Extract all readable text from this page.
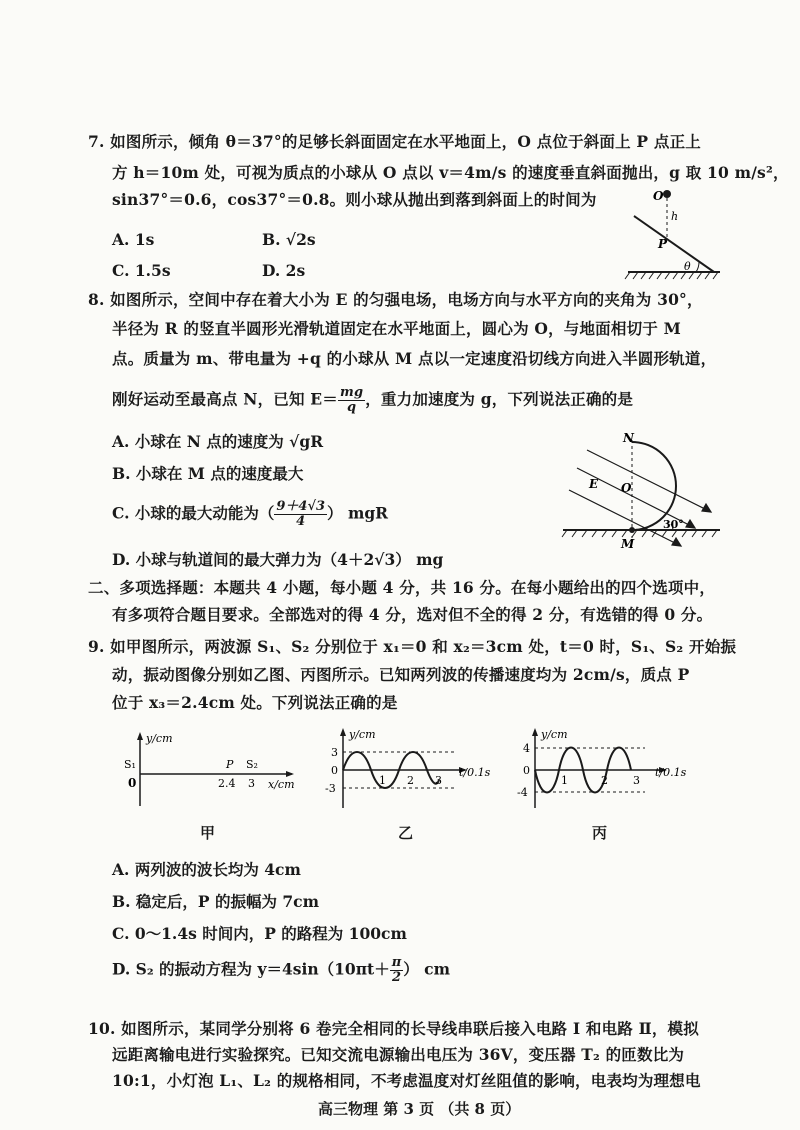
7. 如图所示，倾角 θ＝37°的足够长斜面固定在水平地面上，O 点位于斜面上 P 点正上
方 h＝10m 处，可视为质点的小球从 O 点以 v＝4m/s 的速度垂直斜面抛出，g 取 10 m/s²，
sin37°＝0.6，cos37°＝0.8。则小球从抛出到落到斜面上的时间为
A. 1s	B. √2s
C. 1.5s	D. 2s
O
h
P
θ
8. 如图所示，空间中存在着大小为 E 的匀强电场，电场方向与水平方向的夹角为 30°，
半径为 R 的竖直半圆形光滑轨道固定在水平地面上，圆心为 O，与地面相切于 M
点。质量为 m、带电量为 +q 的小球从 M 点以一定速度沿切线方向进入半圆形轨道，
刚好运动至最高点 N，已知 $E= \frac{mg}{q}$ ，重力加速度为 g，下列说法正确的是
A. 小球在 N 点的速度为 √gR
B. 小球在 M 点的速度最大
C. 小球的最大动能为（ $\frac{9+4√3}{4}$ ） mgR
D. 小球与轨道间的最大弹力为（4＋2√3） mg
N
E O
M
30°
二、多项选择题：本题共 4 小题，每小题 4 分，共 16 分。在每小题给出的四个选项中，
有多项符合题目要求。全部选对的得 4 分，选对但不全的得 2 分，有选错的得 0 分。
9. 如甲图所示，两波源 S₁、S₂ 分别位于 x₁＝0 和 x₂＝3cm 处，t＝0 时，S₁、S₂ 开始振
动，振动图像分别如乙图、丙图所示。已知两列波的传播速度均为 2cm/s，质点 P
位于 x₃＝2.4cm 处。下列说法正确的是
y/cm
S₁
0
P S₂
2.4 3 x/cm
甲
y/cm
3
0
-3
1 2 3
t/0.1s
乙
y/cm
4
0
-4
1	2 3
t/0.1s
丙
A. 两列波的波长均为 4cm
B. 稳定后，P 的振幅为 7cm
C. 0～1.4s 时间内，P 的路程为 100cm
D. S₂ 的振动方程为 $y=4\sin(10\pi t+ \frac{\pi}{2}$ ） cm
10. 如图所示，某同学分别将 6 卷完全相同的长导线串联后接入电路 Ⅰ 和电路 Ⅱ，模拟
远距离输电进行实验探究。已知交流电源输出电压为 36V，变压器 T₂ 的匝数比为
10:1，小灯泡 L₁、L₂ 的规格相同，不考虑温度对灯丝阻值的影响，电表均为理想电
高三物理 第 3 页 （共 8 页）
